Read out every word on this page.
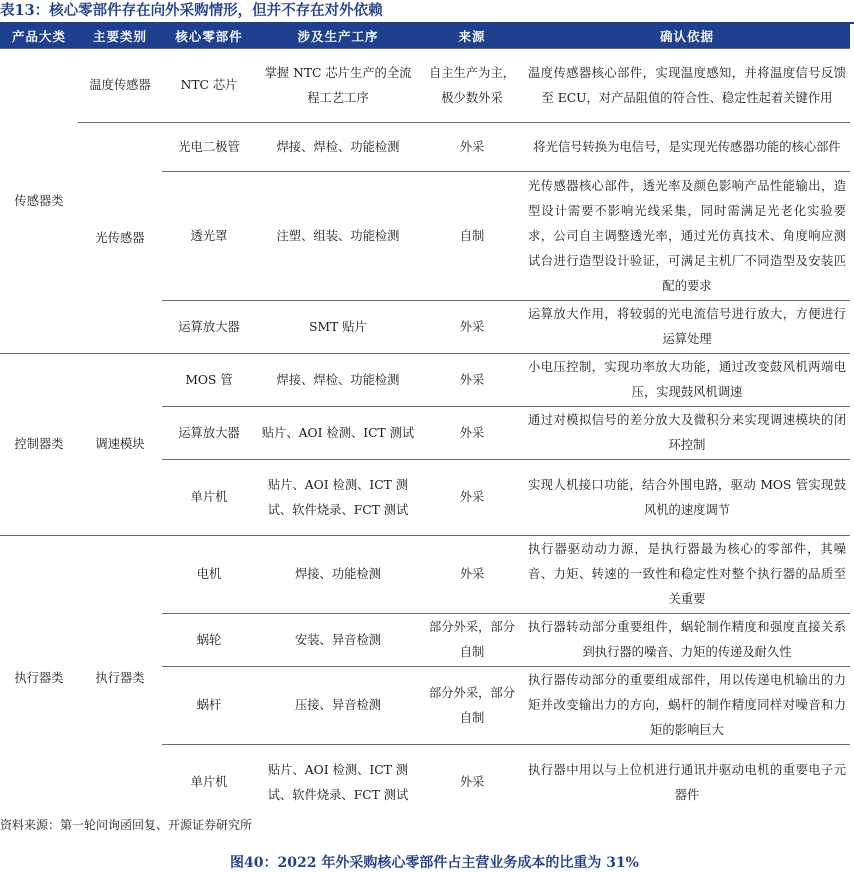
表13：核心零部件存在向外采购情形，但并不存在对外依赖
产品大类	主要类别	核心零部件	涉及生产工序	来源	确认依据
传感器类	温度传感器	NTC 芯片	掌握 NTC 芯片生产的全流程工艺工序	自主生产为主，极少数外采	温度传感器核心部件，实现温度感知，并将温度信号反馈至 ECU，对产品阻值的符合性、稳定性起着关键作用
	光传感器	光电二极管	焊接、焊检、功能检测	外采	将光信号转换为电信号，是实现光传感器功能的核心部件
		透光罩	注塑、组装、功能检测	自制	光传感器核心部件，透光率及颜色影响产品性能输出，造型设计需要不影响光线采集，同时需满足光老化实验要求，公司自主调整透光率，通过光仿真技术、角度响应测试台进行造型设计验证，可满足主机厂不同造型及安装匹配的要求
		运算放大器	SMT 贴片	外采	运算放大作用，将较弱的光电流信号进行放大，方便进行运算处理
控制器类	调速模块	MOS 管	焊接、焊检、功能检测	外采	小电压控制，实现功率放大功能，通过改变鼓风机两端电压，实现鼓风机调速
		运算放大器	贴片、AOI 检测、ICT 测试	外采	通过对模拟信号的差分放大及微积分来实现调速模块的闭环控制
		单片机	贴片、AOI 检测、ICT 测试、软件烧录、FCT 测试	外采	实现人机接口功能，结合外围电路，驱动 MOS 管实现鼓风机的速度调节
执行器类	执行器类	电机	焊接、功能检测	外采	执行器驱动动力源，是执行器最为核心的零部件，其噪音、力矩、转速的一致性和稳定性对整个执行器的品质至关重要
		蜗轮	安装、异音检测	部分外采，部分自制	执行器转动部分重要组件，蜗轮制作精度和强度直接关系到执行器的噪音、力矩的传递及耐久性
		蜗杆	压接、异音检测	部分外采，部分自制	执行器传动部分的重要组成部件，用以传递电机输出的力矩并改变输出力的方向，蜗杆的制作精度同样对噪音和力矩的影响巨大
		单片机	贴片、AOI 检测、ICT 测试、软件烧录、FCT 测试	外采	执行器中用以与上位机进行通讯并驱动电机的重要电子元器件
资料来源：第一轮问询函回复、开源证券研究所
图40：2022 年外采购核心零部件占主营业务成本的比重为 31%
